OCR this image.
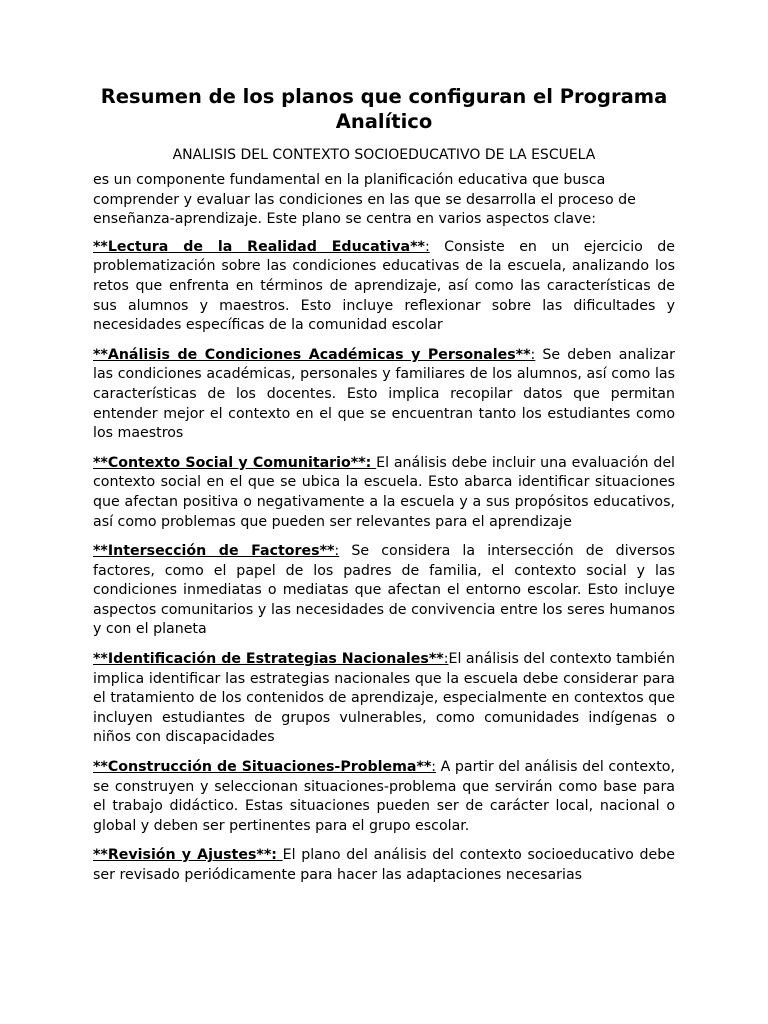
Resumen de los planos que configuran el Programa Analítico

ANALISIS DEL CONTEXTO SOCIOEDUCATIVO DE LA ESCUELA

es un componente fundamental en la planificación educativa que busca comprender y evaluar las condiciones en las que se desarrolla el proceso de enseñanza-aprendizaje. Este plano se centra en varios aspectos clave:

**Lectura de la Realidad Educativa**: Consiste en un ejercicio de problematización sobre las condiciones educativas de la escuela, analizando los retos que enfrenta en términos de aprendizaje, así como las características de sus alumnos y maestros. Esto incluye reflexionar sobre las dificultades y necesidades específicas de la comunidad escolar

**Análisis de Condiciones Académicas y Personales**: Se deben analizar las condiciones académicas, personales y familiares de los alumnos, así como las características de los docentes. Esto implica recopilar datos que permitan entender mejor el contexto en el que se encuentran tanto los estudiantes como los maestros

**Contexto Social y Comunitario**: El análisis debe incluir una evaluación del contexto social en el que se ubica la escuela. Esto abarca identificar situaciones que afectan positiva o negativamente a la escuela y a sus propósitos educativos, así como problemas que pueden ser relevantes para el aprendizaje

**Intersección de Factores**: Se considera la intersección de diversos factores, como el papel de los padres de familia, el contexto social y las condiciones inmediatas o mediatas que afectan el entorno escolar. Esto incluye aspectos comunitarios y las necesidades de convivencia entre los seres humanos y con el planeta

**Identificación de Estrategias Nacionales**:El análisis del contexto también implica identificar las estrategias nacionales que la escuela debe considerar para el tratamiento de los contenidos de aprendizaje, especialmente en contextos que incluyen estudiantes de grupos vulnerables, como comunidades indígenas o niños con discapacidades

**Construcción de Situaciones-Problema**: A partir del análisis del contexto, se construyen y seleccionan situaciones-problema que servirán como base para el trabajo didáctico. Estas situaciones pueden ser de carácter local, nacional o global y deben ser pertinentes para el grupo escolar.

**Revisión y Ajustes**: El plano del análisis del contexto socioeducativo debe ser revisado periódicamente para hacer las adaptaciones necesarias
